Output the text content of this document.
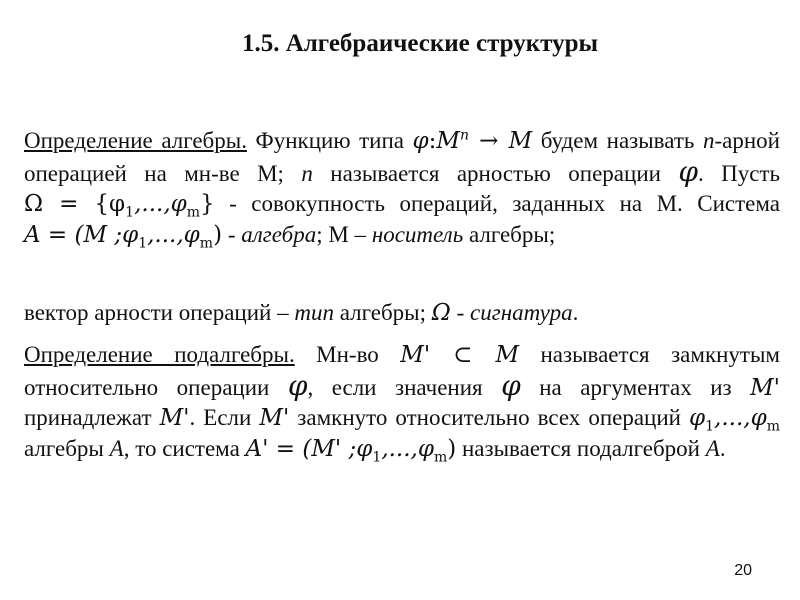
1.5. Алгебраические структуры
Определение алгебры. Функцию типа $\varphi:M^n \to M$ будем называть n-арной операцией на мн-ве М; n называется арностью операции φ. Пусть $\Omega = \{\varphi_1,...,\varphi_m\}$ - совокупность операций, заданных на М. Система A = (M $;\varphi_1,...,\varphi_m$) - алгебра; М – носитель алгебры;
вектор арности операций – тип алгебры; Ω - сигнатура.
Определение подалгебры. Мн-во M' ⊂ M называется замкнутым относительно операции φ, если значения φ на аргументах из M' принадлежат M'. Если M' замкнуто относительно всех операций $\varphi_1,...,\varphi_m$ алгебры A, то система A' = (M' $;\varphi_1,...,\varphi_m$) называется подалгеброй A.
20
